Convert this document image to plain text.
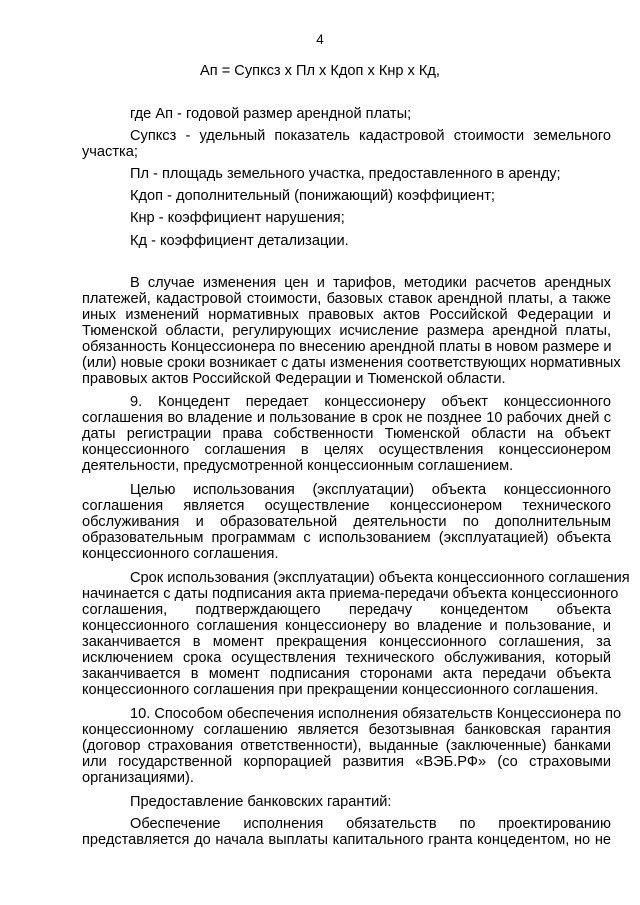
4
Ап = Супксз х Пл х Кдоп х Кнр х Кд,
где Ап - годовой размер арендной платы;
Супксз - удельный показатель кадастровой стоимости земельного
участка;
Пл - площадь земельного участка, предоставленного в аренду;
Кдоп - дополнительный (понижающий) коэффициент;
Кнр - коэффициент нарушения;
Кд - коэффициент детализации.
В случае изменения цен и тарифов, методики расчетов арендных
платежей, кадастровой стоимости, базовых ставок арендной платы, а также
иных изменений нормативных правовых актов Российской Федерации и
Тюменской области, регулирующих исчисление размера арендной платы,
обязанность Концессионера по внесению арендной платы в новом размере и
(или) новые сроки возникает с даты изменения соответствующих нормативных
правовых актов Российской Федерации и Тюменской области.
9. Концедент передает концессионеру объект концессионного
соглашения во владение и пользование в срок не позднее 10 рабочих дней с
даты регистрации права собственности Тюменской области на объект
концессионного соглашения в целях осуществления концессионером
деятельности, предусмотренной концессионным соглашением.
Целью использования (эксплуатации) объекта концессионного
соглашения является осуществление концессионером технического
обслуживания и образовательной деятельности по дополнительным
образовательным программам с использованием (эксплуатацией) объекта
концессионного соглашения.
Срок использования (эксплуатации) объекта концессионного соглашения
начинается с даты подписания акта приема-передачи объекта концессионного
соглашения, подтверждающего передачу концедентом объекта
концессионного соглашения концессионеру во владение и пользование, и
заканчивается в момент прекращения концессионного соглашения, за
исключением срока осуществления технического обслуживания, который
заканчивается в момент подписания сторонами акта передачи объекта
концессионного соглашения при прекращении концессионного соглашения.
10. Способом обеспечения исполнения обязательств Концессионера по
концессионному соглашению является безотзывная банковская гарантия
(договор страхования ответственности), выданные (заключенные) банками
или государственной корпорацией развития «ВЭБ.РФ» (со страховыми
организациями).
Предоставление банковских гарантий:
Обеспечение исполнения обязательств по проектированию
представляется до начала выплаты капитального гранта концедентом, но не
